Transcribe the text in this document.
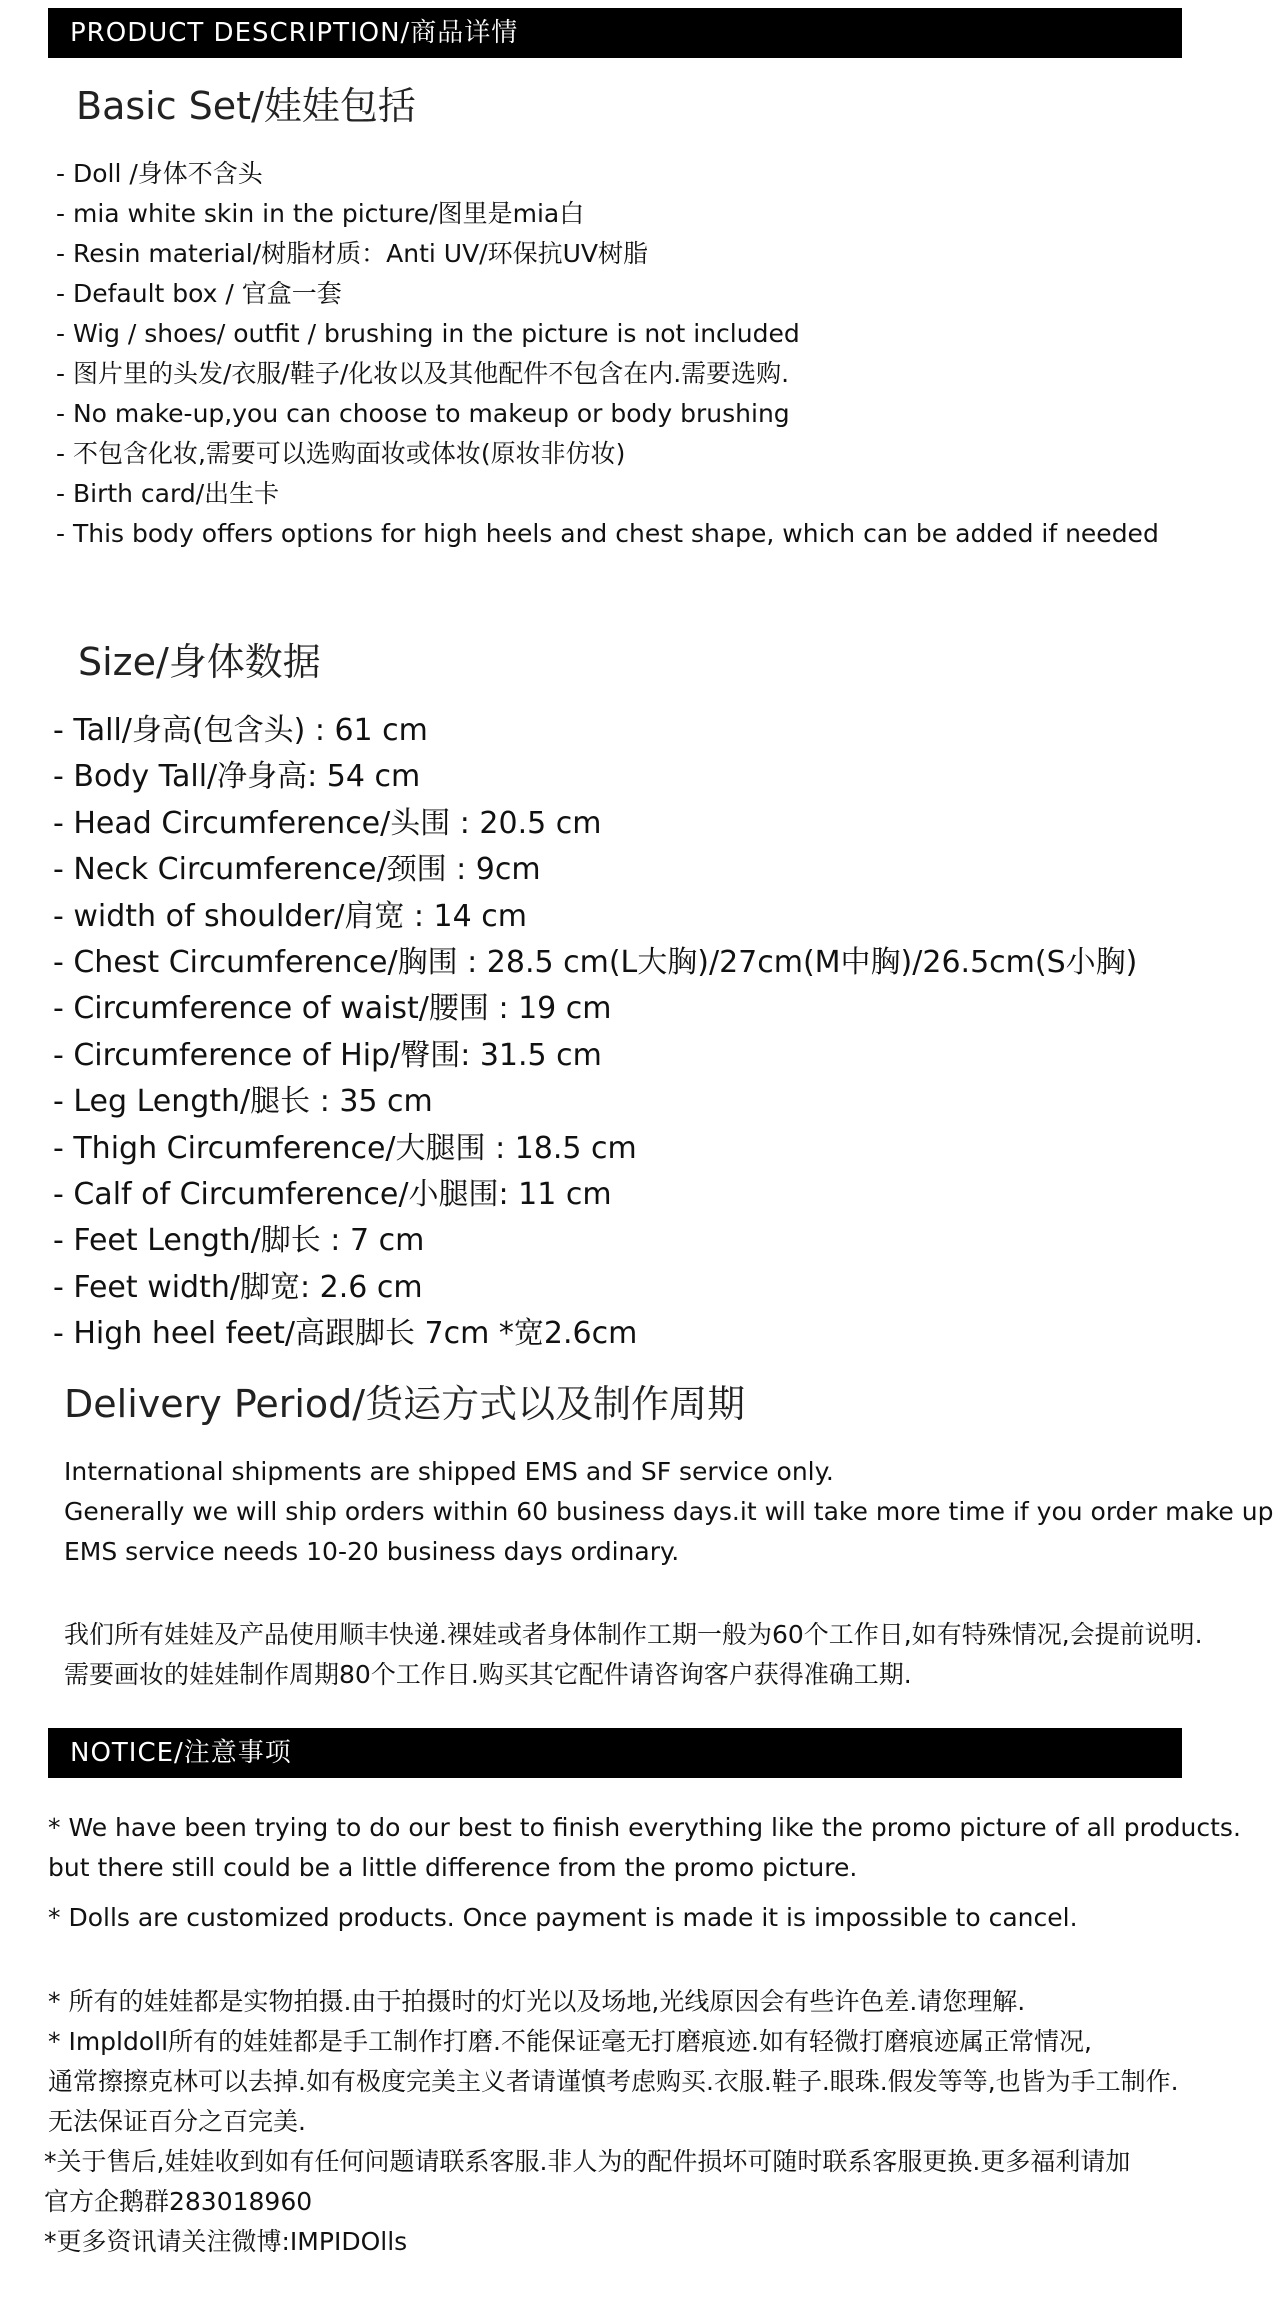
PRODUCT DESCRIPTION/商品详情
Basic Set/娃娃包括
- Doll /身体不含头
- mia white skin in the picture/图里是mia白
- Resin material/树脂材质：Anti UV/环保抗UV树脂
- Default box / 官盒一套
- Wig / shoes/ outfit / brushing in the picture is not included
- 图片里的头发/衣服/鞋子/化妆以及其他配件不包含在内.需要选购.
- No make-up,you can choose to makeup or body brushing
- 不包含化妆,需要可以选购面妆或体妆(原妆非仿妆)
- Birth card/出生卡
- This body offers options for high heels and chest shape, which can be added if needed
Size/身体数据
- Tall/身高(包含头) : 61 cm
- Body Tall/净身高: 54 cm
- Head Circumference/头围 : 20.5 cm
- Neck Circumference/颈围 : 9cm
- width of shoulder/肩宽 : 14 cm
- Chest Circumference/胸围 : 28.5 cm(L大胸)/27cm(M中胸)/26.5cm(S小胸)
- Circumference of waist/腰围 : 19 cm
- Circumference of Hip/臀围: 31.5 cm
- Leg Length/腿长 : 35 cm
- Thigh Circumference/大腿围 : 18.5 cm
- Calf of Circumference/小腿围: 11 cm
- Feet Length/脚长 : 7 cm
- Feet width/脚宽: 2.6 cm
- High heel feet/高跟脚长 7cm *宽2.6cm
Delivery Period/货运方式以及制作周期

International shipments are shipped EMS and SF service only.

Generally we will ship orders within 60 business days.it will take more time if you order make up

EMS service needs 10-20 business days ordinary.

我们所有娃娃及产品使用顺丰快递.裸娃或者身体制作工期一般为60个工作日,如有特殊情况,会提前说明.

需要画妆的娃娃制作周期80个工作日.购买其它配件请咨询客户获得准确工期.

NOTICE/注意事项

* We have been trying to do our best to finish everything like the promo picture of all products.

but there still could be a little difference from the promo picture.

* Dolls are customized products. Once payment is made it is impossible to cancel.

* 所有的娃娃都是实物拍摄.由于拍摄时的灯光以及场地,光线原因会有些许色差.请您理解.

* Impldoll所有的娃娃都是手工制作打磨.不能保证毫无打磨痕迹.如有轻微打磨痕迹属正常情况,

通常擦擦克林可以去掉.如有极度完美主义者请谨慎考虑购买.衣服.鞋子.眼珠.假发等等,也皆为手工制作.

无法保证百分之百完美.

*关于售后,娃娃收到如有任何问题请联系客服.非人为的配件损坏可随时联系客服更换.更多福利请加

官方企鹅群283018960

*更多资讯请关注微博:IMPIDOlls
